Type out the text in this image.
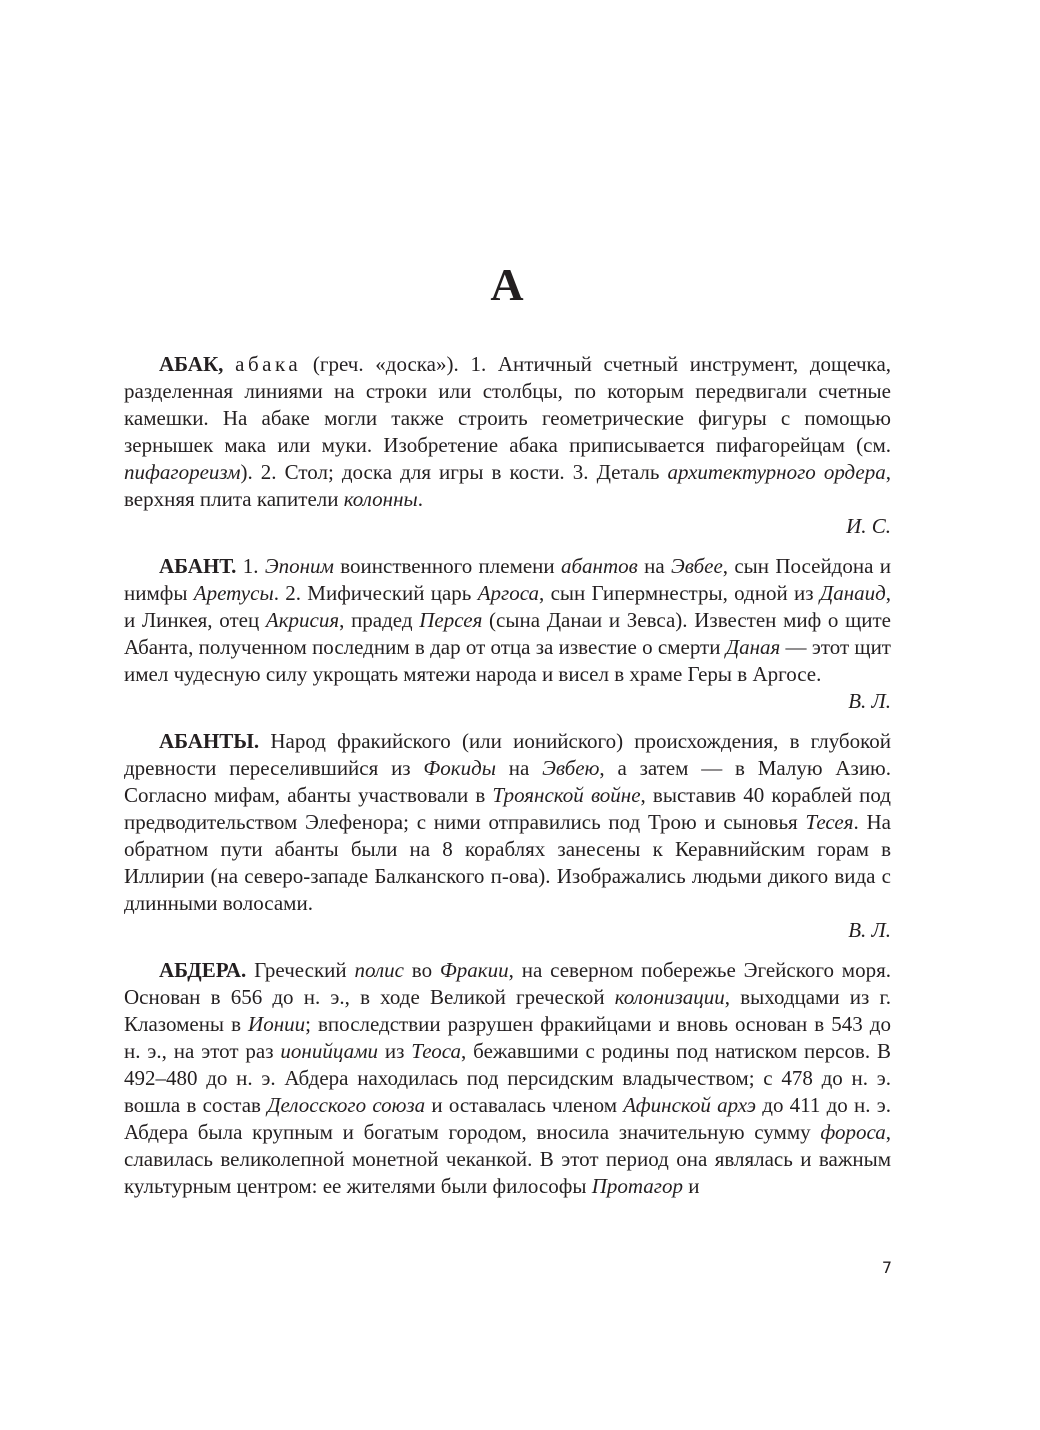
А

АБАК, абака (греч. «доска»). 1. Античный счетный инструмент, дощечка, разделенная линиями на строки или столбцы, по которым передвигали счетные камешки. На абаке могли также строить геометрические фигуры с помощью зернышек мака или муки. Изобретение абака приписывается пифагорейцам (см. пифагореизм). 2. Стол; доска для игры в кости. 3. Деталь архитектурного ордера, верхняя плита капители колонны.

И. С.

АБАНТ. 1. Эпоним воинственного племени абантов на Эвбее, сын Посейдона и нимфы Аретусы. 2. Мифический царь Аргоса, сын Гипермнестры, одной из Данаид, и Линкея, отец Акрисия, прадед Персея (сына Данаи и Зевса). Известен миф о щите Абанта, полученном последним в дар от отца за известие о смерти Даная — этот щит имел чудесную силу укрощать мятежи народа и висел в храме Геры в Аргосе.

В. Л.

АБАНТЫ. Народ фракийского (или ионийского) происхождения, в глубокой древности переселившийся из Фокиды на Эвбею, а затем — в Малую Азию. Согласно мифам, абанты участвовали в Троянской войне, выставив 40 кораблей под предводительством Элефенора; с ними отправились под Трою и сыновья Тесея. На обратном пути абанты были на 8 кораблях занесены к Керавнийским горам в Иллирии (на северо-западе Балканского п-ова). Изображались людьми дикого вида с длинными волосами.

В. Л.

АБДЕРА. Греческий полис во Фракии, на северном побережье Эгейского моря. Основан в 656 до н. э., в ходе Великой греческой колонизации, выходцами из г. Клазомены в Ионии; впоследствии разрушен фракийцами и вновь основан в 543 до н. э., на этот раз ионийцами из Теоса, бежавшими с родины под натиском персов. В 492–480 до н. э. Абдера находилась под персидским владычеством; с 478 до н. э. вошла в состав Делосского союза и оставалась членом Афинской архэ до 411 до н. э. Абдера была крупным и богатым городом, вносила значительную сумму фороса, славилась великолепной монетной чеканкой. В этот период она являлась и важным культурным центром: ее жителями были философы Протагор и

7
